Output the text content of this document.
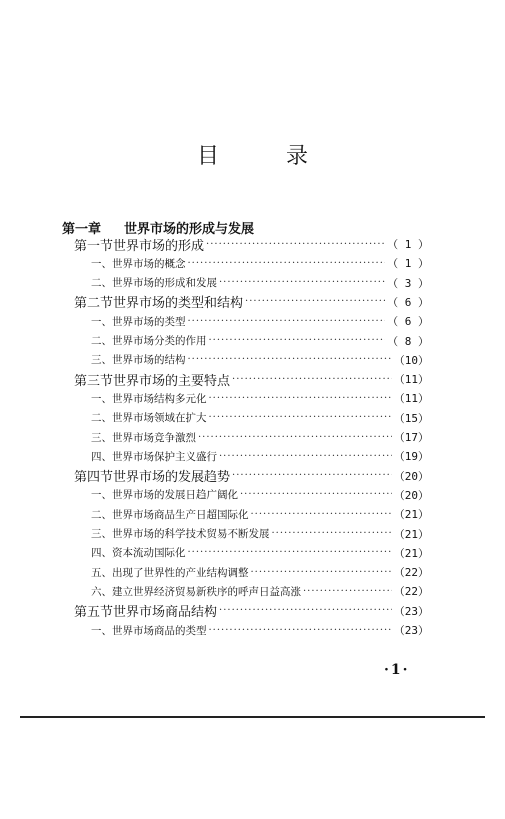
目 录
第一章 世界市场的形成与发展
第一节 世界市场的形成 ·····	（ 1 ）
一、 世界市场的概念 ·····	（ 1 ）
二、 世界市场的形成和发展 ·····	（ 3 ）
第二节 世界市场的类型和结构 ·····	（ 6 ）
一、 世界市场的类型 ·····	（ 6 ）
二、 世界市场分类的作用 ·····	（ 8 ）
三、 世界市场的结构 ·····	（10）
第三节 世界市场的主要特点 ·····	（11）
一、 世界市场结构多元化 ·····	（11）
二、 世界市场领域在扩大 ·····	（15）
三、 世界市场竞争激烈 ·····	（17）
四、 世界市场保护主义盛行 ·····	（19）
第四节 世界市场的发展趋势 ·····	（20）
一、 世界市场的发展日趋广阔化 ·····	（20）
二、 世界市场商品生产日超国际化 ·····	（21）
三、 世界市场的科学技术贸易不断发展 ·····	（21）
四、 资本流动国际化 ·····	（21）
五、 出现了世界性的产业结构调整 ·····	（22）
六、 建立世界经济贸易新秩序的呼声日益高涨 ·····	（22）
第五节 世界市场商品结构 ·····	（23）
一、 世界市场商品的类型 ·····	（23）
·1·
